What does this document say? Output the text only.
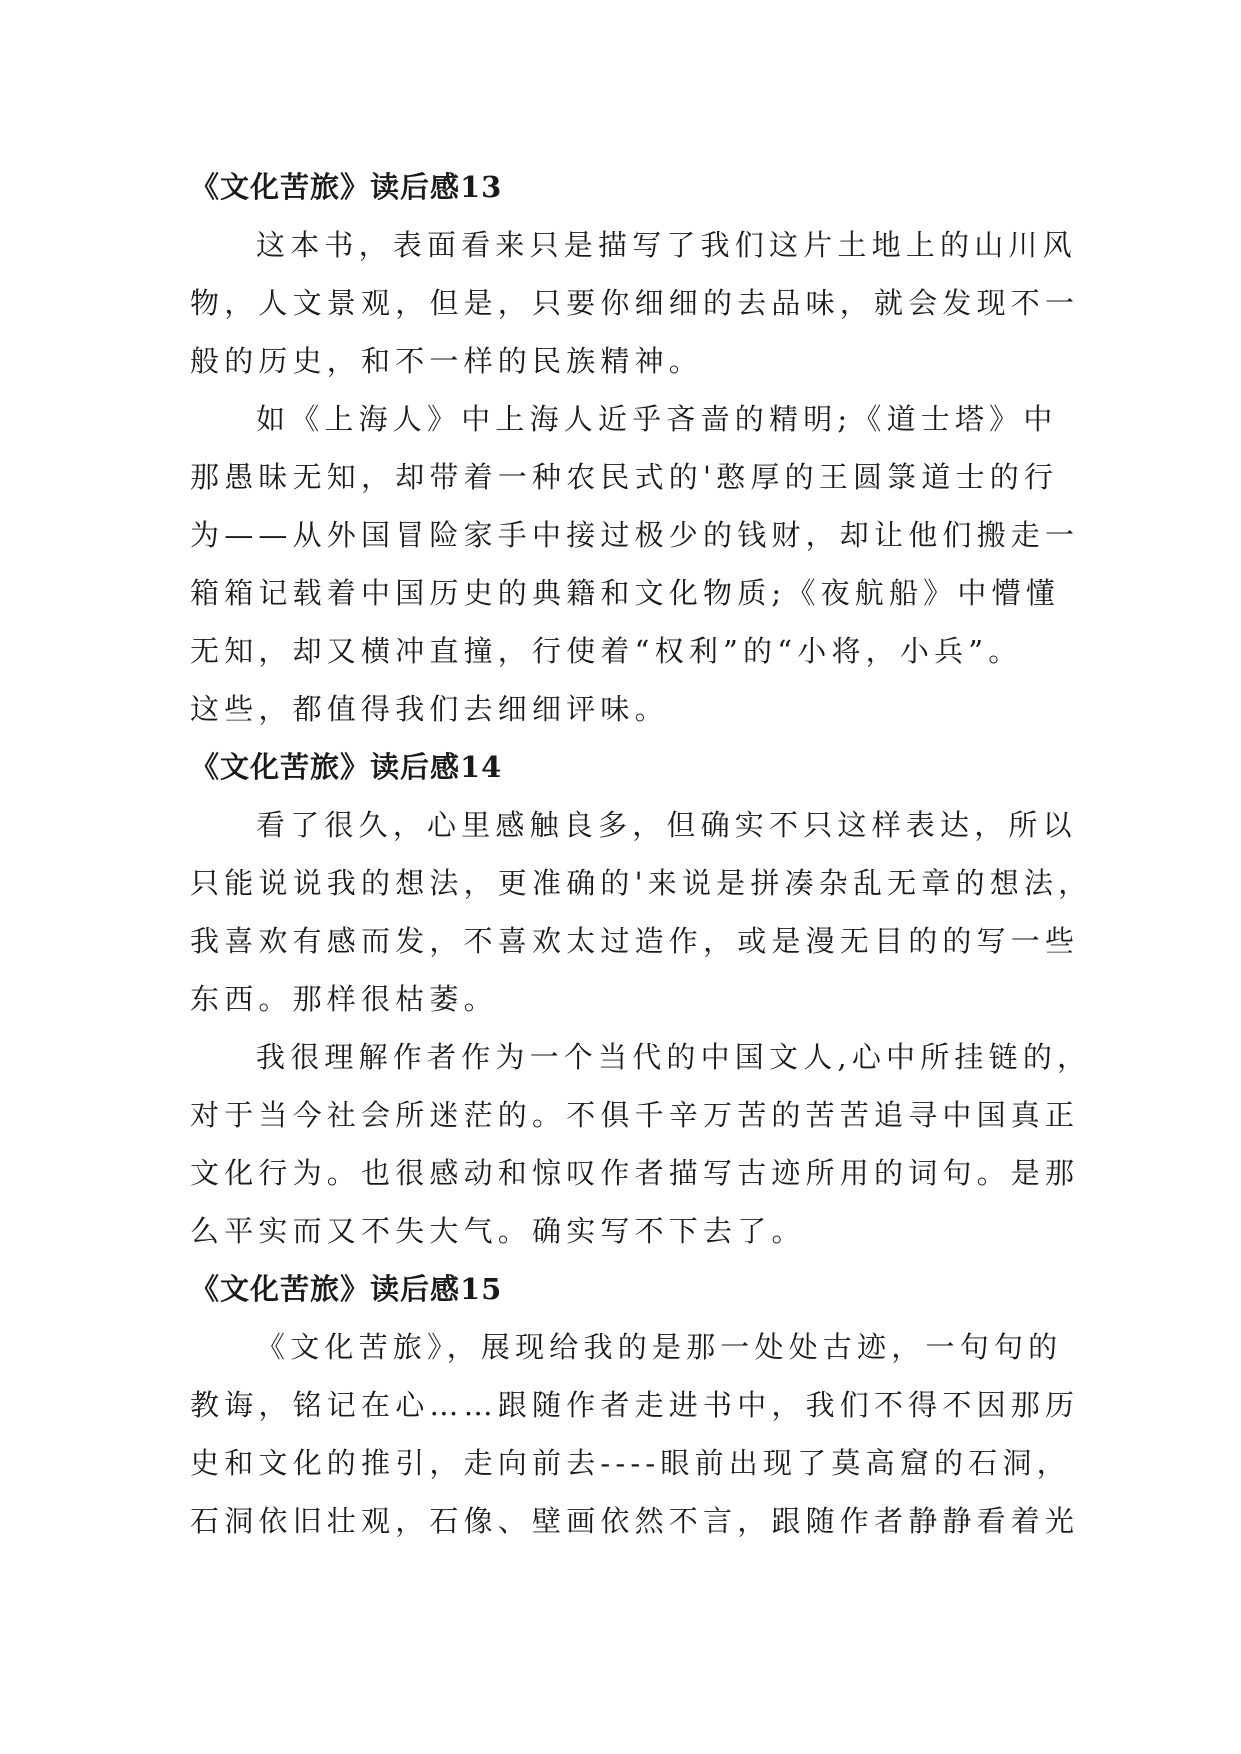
《文化苦旅》读后感13

这本书，表面看来只是描写了我们这片土地上的山川风
物，人文景观，但是，只要你细细的去品味，就会发现不一
般的历史，和不一样的民族精神。

如《上海人》中上海人近乎吝啬的精明;《道士塔》中
那愚昧无知，却带着一种农民式的'憨厚的王圆箓道士的行
为——从外国冒险家手中接过极少的钱财，却让他们搬走一
箱箱记载着中国历史的典籍和文化物质;《夜航船》中懵懂
无知，却又横冲直撞，行使着“权利”的“小将，小兵”。
这些，都值得我们去细细评味。

《文化苦旅》读后感14

看了很久，心里感触良多，但确实不只这样表达，所以
只能说说我的想法，更准确的'来说是拼凑杂乱无章的想法，
我喜欢有感而发，不喜欢太过造作，或是漫无目的的写一些
东西。那样很枯萎。

我很理解作者作为一个当代的中国文人,心中所挂链的，
对于当今社会所迷茫的。不俱千辛万苦的苦苦追寻中国真正
文化行为。也很感动和惊叹作者描写古迹所用的词句。是那
么平实而又不失大气。确实写不下去了。

《文化苦旅》读后感15

《文化苦旅》，展现给我的是那一处处古迹，一句句的
教诲，铭记在心……跟随作者走进书中，我们不得不因那历
史和文化的推引，走向前去----眼前出现了莫高窟的石洞，
石洞依旧壮观，石像、壁画依然不言，跟随作者静静看着光
